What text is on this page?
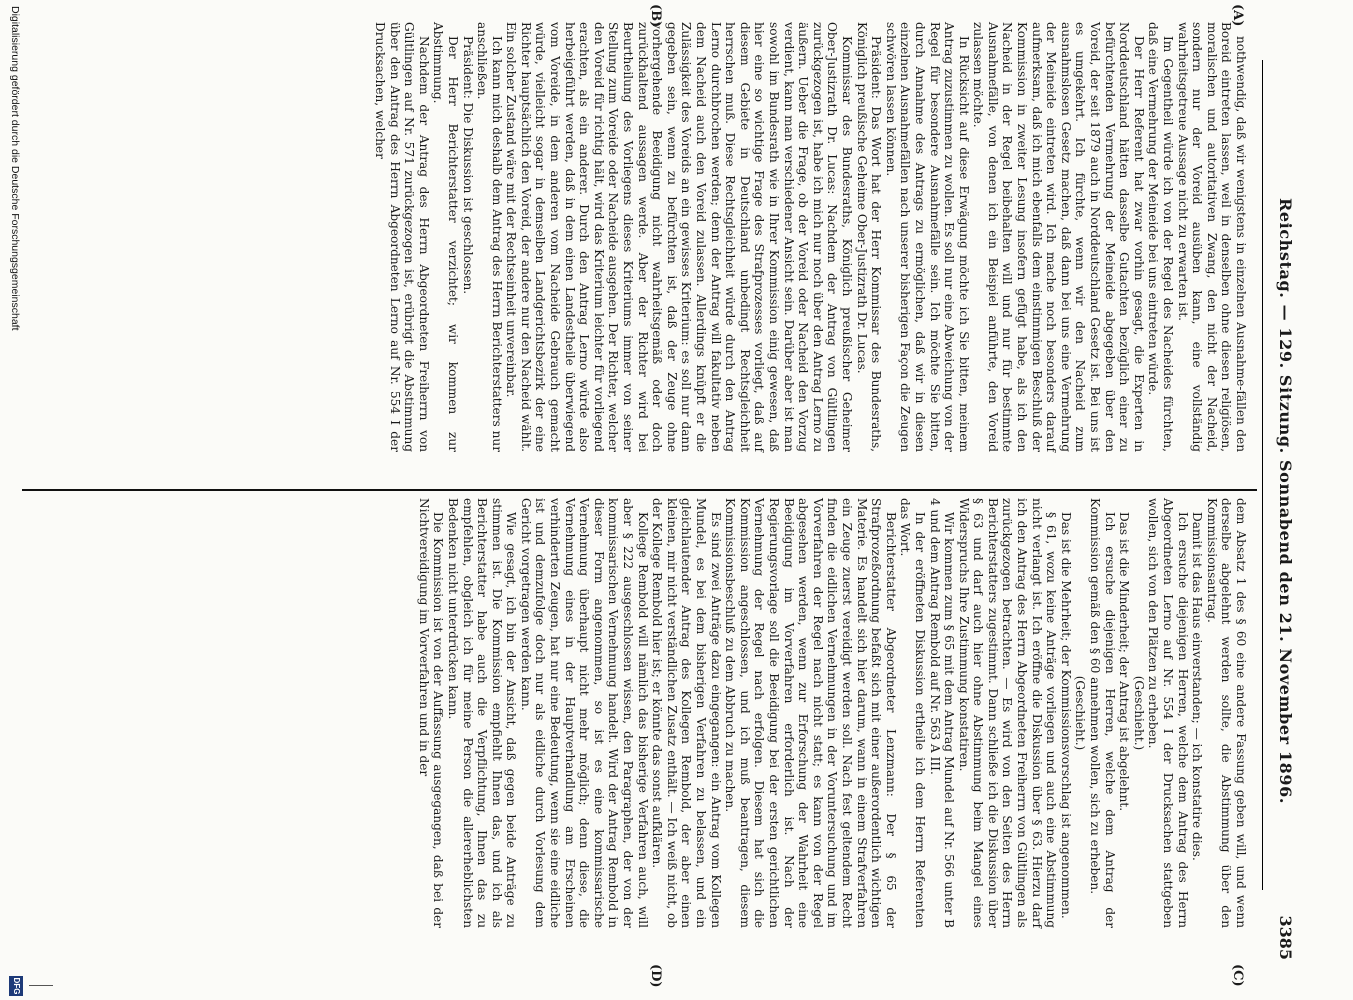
Reichstag. — 129. Sitzung. Sonnabend den 21. November 1896.
3385
(A)
(B)
(C)
(D)

nothwendig, daß wir wenigstens in einzelnen Ausnahme-fällen den Boreid eintreten lassen, weil in denselben ohne diesen religiösen, moralischen und autoritativen Zwang, den nicht der Nacheid, sondern nur der Voreid ausüben kann, eine vollständig wahrheitsgetreue Aussage nicht zu erwarten ist.

Im Gegentheil würde ich von der Regel des Nacheides fürchten, daß eine Vermehrung der Meineide bei uns eintreten würde.

Der Herr Referent hat zwar vorhin gesagt, die Experten in Norddeutschland hätten dasselbe Gutachten bezüglich einer zu befürchtenden Vermehrung der Meineide abgegeben über den Voreid, der seit 1879 auch in Norddeutschland Gesetz ist. Bei uns ist es umgekehrt. Ich fürchte, wenn wir den Nacheid zum ausnahmslosen Gesetz machen, daß dann bei uns eine Vermehrung der Meineide eintreten wird. Ich mache noch besonders darauf aufmerksam, daß ich mich ebenfalls dem einstimmigen Beschluß der Kommission in zweiter Lesung insofern gefügt habe, als ich den Nacheid in der Regel beibehalten will und nur für bestimmte Ausnahmefälle, von denen ich ein Beispiel anführte, den Voreid zulassen möchte.

In Rücksicht auf diese Erwägung möchte ich Sie bitten, meinem Antrag zuzustimmen zu wollen. Es soll nur eine Abweichung von der Regel für besondere Ausnahmefälle sein. Ich möchte Sie bitten, durch Annahme des Antrags zu ermöglichen, daß wir in diesen einzelnen Ausnahmefällen nach unserer bisherigen Façon die Zeugen schwören lassen können.

Präsident: Das Wort hat der Herr Kommissar des Bundesraths, Königlich preußische Geheime Ober-Justizrath Dr. Lucas.

Kommissar des Bundesraths, Königlich preußischer Geheimer Ober-Justizrath Dr. Lucas: Nachdem der Antrag von Gültlingen zurückgezogen ist, habe ich mich nur noch über den Antrag Lerno zu äußern. Ueber die Frage, ob der Voreid oder Nacheid den Vorzug verdient, kann man verschiedener Ansicht sein. Darüber aber ist man sowohl im Bundesrath wie in Ihrer Kommission einig gewesen, daß hier eine so wichtige Frage des Strafprozesses vorliegt, daß auf diesem Gebiete in Deutschland unbedingt Rechtsgleichheit herrschen muß. Diese Rechtsgleichheit würde durch den Antrag Lerno durchbrochen werden; denn der Antrag will fakultativ neben dem Nacheid auch den Voreid zulassen. Allerdings knüpft er die Zulässigkeit des Voreids an ein gewisses Kriterium: es soll nur dann gegeben sein, wenn zu befürchten ist, daß der Zeuge ohne vorhergehende Beeidigung nicht wahrheitsgemäß oder doch zurückhaltend aussagen werde. Aber der Richter wird bei Beurtheilung des Vorliegens dieses Kriteriums immer von seiner Stellung zum Voreide oder Nacheide ausgehen. Der Richter, welcher den Voreid für richtig hält, wird das Kriterium leichter für vorliegend erachten, als ein anderer. Durch den Antrag Lerno würde also herbeigeführt werden, daß in dem einen Landestheile überwiegend vom Voreide, in dem anderen vom Nacheide Gebrauch gemacht würde, vielleicht sogar in demselben Landgerichtsbezirk der eine Richter hauptsächlich den Voreid, der andere nur den Nacheid wählt. Ein solcher Zustand wäre mit der Rechtseinheit unvereinbar.

Ich kann mich deshalb dem Antrag des Herrn Berichterstatters nur anschließen.

Präsident: Die Diskussion ist geschlossen.

Der Herr Berichterstatter verzichtet; wir kommen zur Abstimmung.

Nachdem der Antrag des Herrn Abgeordneten Freiherrn von Gültlingen auf Nr. 571 zurückgezogen ist, erübrigt die Abstimmung über den Antrag des Herrn Abgeordneten Lerno auf Nr. 554 I der Drucksachen, welcher

dem Absatz 1 des § 60 eine andere Fassung geben will, und wenn derselbe abgelehnt werden sollte, die Abstimmung über den Kommissionsantrag.

Damit ist das Haus einverstanden; — ich konstatire dies.

Ich ersuche diejenigen Herren, welche dem Antrag des Herrn Abgeordneten Lerno auf Nr. 554 I der Drucksachen stattgeben wollen, sich von den Plätzen zu erheben.

(Geschieht.)

Das ist die Minderheit; der Antrag ist abgelehnt.

Ich ersuche diejenigen Herren, welche dem Antrag der Kommission gemäß den § 60 annehmen wollen, sich zu erheben.

(Geschieht.)

Das ist die Mehrheit; der Kommissionsvorschlag ist angenommen.

§ 61, wozu keine Anträge vorliegen und auch eine Abstimmung nicht verlangt ist. Ich eröffne die Diskussion über § 63. Hierzu darf ich den Antrag des Herrn Abgeordneten Freiherrn von Gültlingen als zurückgezogen betrachten. — Es wird von den Seiten des Herrn Berichterstatters zugestimmt. Dann schließe ich die Diskussion über § 63 und darf auch hier ohne Abstimmung beim Mangel eines Widerspruchs Ihre Zustimmung konstatiren.

Wir kommen zum § 65 mit dem Antrag Mundel auf Nr. 566 unter B 4 und dem Antrag Rembold auf Nr. 563 A III.

In der eröffneten Diskussion ertheile ich dem Herrn Referenten das Wort.

Berichterstatter Abgeordneter Lenzmann: Der § 65 der Strafprozeßordnung befaßt sich mit einer außerordentlich wichtigen Materie. Es handelt sich hier darum, wann in einem Strafverfahren ein Zeuge zuerst vereidigt werden soll. Nach fest geltendem Recht finden die eidlichen Vernehmungen in der Voruntersuchung und im Vorverfahren der Regel nach nicht statt; es kann von der Regel abgesehen werden, wenn zur Erforschung der Wahrheit eine Beeidigung im Vorverfahren erforderlich ist. Nach der Regierungsvorlage soll die Beeidigung bei der ersten gerichtlichen Vernehmung der Regel nach erfolgen. Diesem hat sich die Kommission angeschlossen, und ich muß beantragen, diesem Kommissionsbeschluß zu dem Abbruch zu machen.

Es sind zwei Anträge dazu eingegangen: ein Antrag vom Kollegen Mundel, es bei dem bisherigen Verfahren zu belassen, und ein gleichlautender Antrag des Kollegen Rembold, der aber einen kleinen, mir nicht verständlichen Zusatz enthält. — Ich weiß nicht, ob der Kollege Rembold hier ist; er könnte das sonst aufklären.

Kollege Rembold will nämlich das bisherige Verfahren auch, will aber § 222 ausgeschlossen wissen, den Paragraphen, der von der kommissarischen Vernehmung handelt. Wird der Antrag Rembold in dieser Form angenommen, so ist es eine kommissarische Vernehmung überhaupt nicht mehr möglich; denn diese, die Vernehmung eines in der Hauptverhandlung am Erscheinen verhinderten Zeugen, hat nur eine Bedeutung, wenn sie eine eidliche ist und demzufolge doch nur als eidliche durch Vorlesung dem Gericht vorgetragen werden kann.

Wie gesagt, ich bin der Ansicht, daß gegen beide Anträge zu stimmen ist. Die Kommission empfiehlt Ihnen das, und ich als Berichterstatter habe auch die Verpflichtung, Ihnen das zu empfehlen, obgleich ich für meine Person die allererheblichsten Bedenken nicht unterdrücken kann.

Die Kommission ist von der Auffassung ausgegangen, daß bei der Nichtvereidigung im Vorverfahren und in der

Digitalisierung gefördert durch die Deutsche Forschungsgemeinschaft
DFG
